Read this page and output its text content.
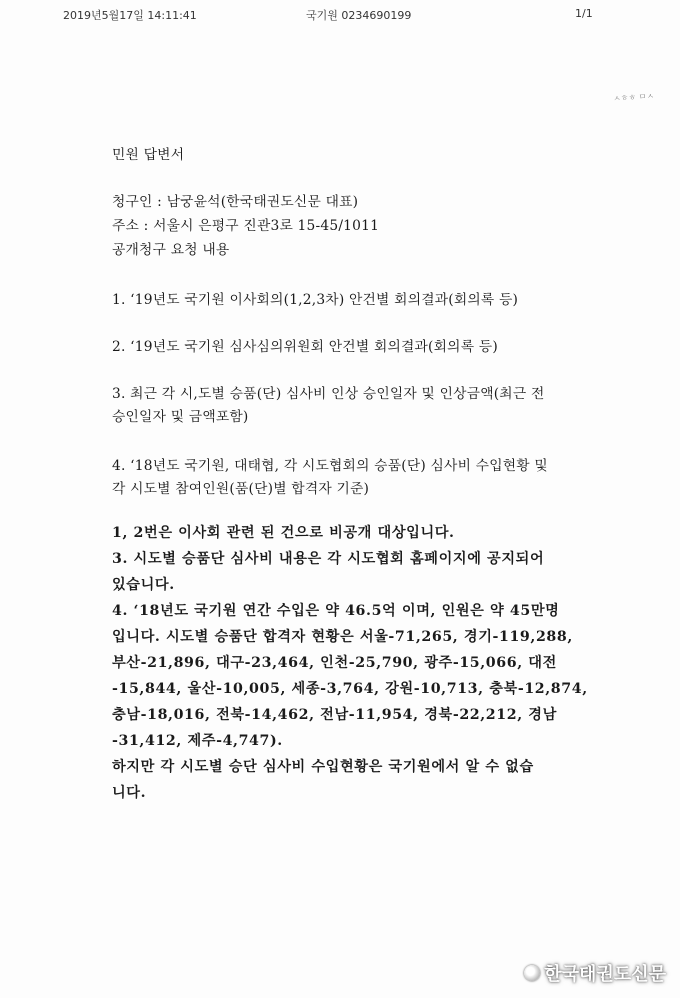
2019년5월17일 14:11:41	국기원 0234690199	1/1
ㅅㅎㅎ ㅁㅅ
민원 답변서
청구인 : 남궁윤석(한국태권도신문 대표)
주소 : 서울시 은평구 진관3로 15-45/1011
공개청구 요청 내용
1. ‘19년도 국기원 이사회의(1,2,3차) 안건별 회의결과(회의록 등)
2. ‘19년도 국기원 심사심의위원회 안건별 회의결과(회의록 등)
3. 최근 각 시,도별 승품(단) 심사비 인상 승인일자 및 인상금액(최근 전
승인일자 및 금액포함)
4. ‘18년도 국기원, 대태협, 각 시도협회의 승품(단) 심사비 수입현황 및
각 시도별 참여인원(품(단)별 합격자 기준)
1, 2번은 이사회 관련 된 건으로 비공개 대상입니다.
3. 시도별 승품단 심사비 내용은 각 시도협회 홈페이지에 공지되어
있습니다.
4. ‘18년도 국기원 연간 수입은 약 46.5억 이며, 인원은 약 45만명
입니다. 시도별 승품단 합격자 현황은 서울-71,265, 경기-119,288,
부산-21,896, 대구-23,464, 인천-25,790, 광주-15,066, 대전
-15,844, 울산-10,005, 세종-3,764, 강원-10,713, 충북-12,874,
충남-18,016, 전북-14,462, 전남-11,954, 경북-22,212, 경남
-31,412, 제주-4,747).
하지만 각 시도별 승단 심사비 수입현황은 국기원에서 알 수 없습
니다.
한국태권도신문
